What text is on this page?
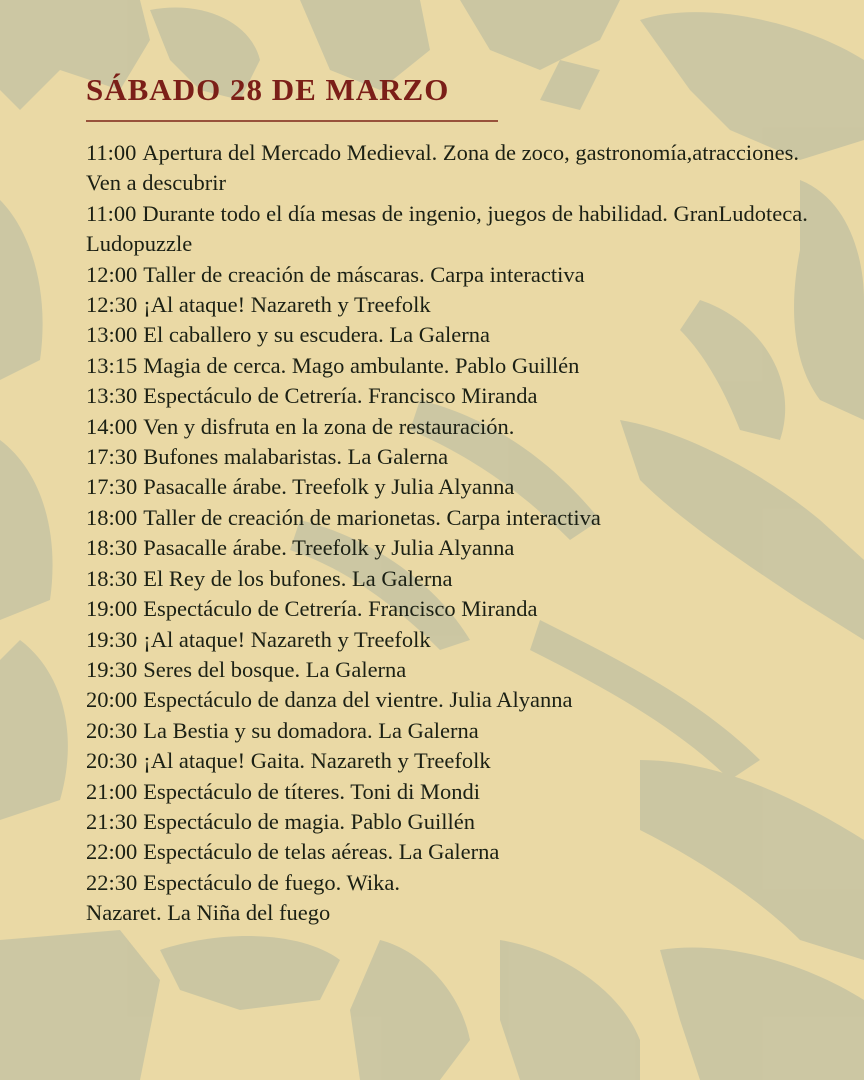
SÁBADO 28 DE MARZO
11:00 Apertura del Mercado Medieval. Zona de zoco, gastronomía,atracciones. Ven a descubrir
11:00 Durante todo el día mesas de ingenio, juegos de habilidad. GranLudoteca. Ludopuzzle
12:00 Taller de creación de máscaras. Carpa interactiva
12:30 ¡Al ataque! Nazareth y Treefolk
13:00 El caballero y su escudera. La Galerna
13:15 Magia de cerca. Mago ambulante. Pablo Guillén
13:30 Espectáculo de Cetrería. Francisco Miranda
14:00 Ven y disfruta en la zona de restauración.
17:30 Bufones malabaristas. La Galerna
17:30 Pasacalle árabe. Treefolk y Julia Alyanna
18:00 Taller de creación de marionetas. Carpa interactiva
18:30 Pasacalle árabe. Treefolk y Julia Alyanna
18:30 El Rey de los bufones. La Galerna
19:00 Espectáculo de Cetrería. Francisco Miranda
19:30 ¡Al ataque! Nazareth y Treefolk
19:30 Seres del bosque. La Galerna
20:00 Espectáculo de danza del vientre. Julia Alyanna
20:30 La Bestia y su domadora. La Galerna
20:30 ¡Al ataque! Gaita. Nazareth y Treefolk
21:00 Espectáculo de títeres. Toni di Mondi
21:30 Espectáculo de magia. Pablo Guillén
22:00 Espectáculo de telas aéreas. La Galerna
22:30 Espectáculo de fuego. Wika.
Nazaret. La Niña del fuego
